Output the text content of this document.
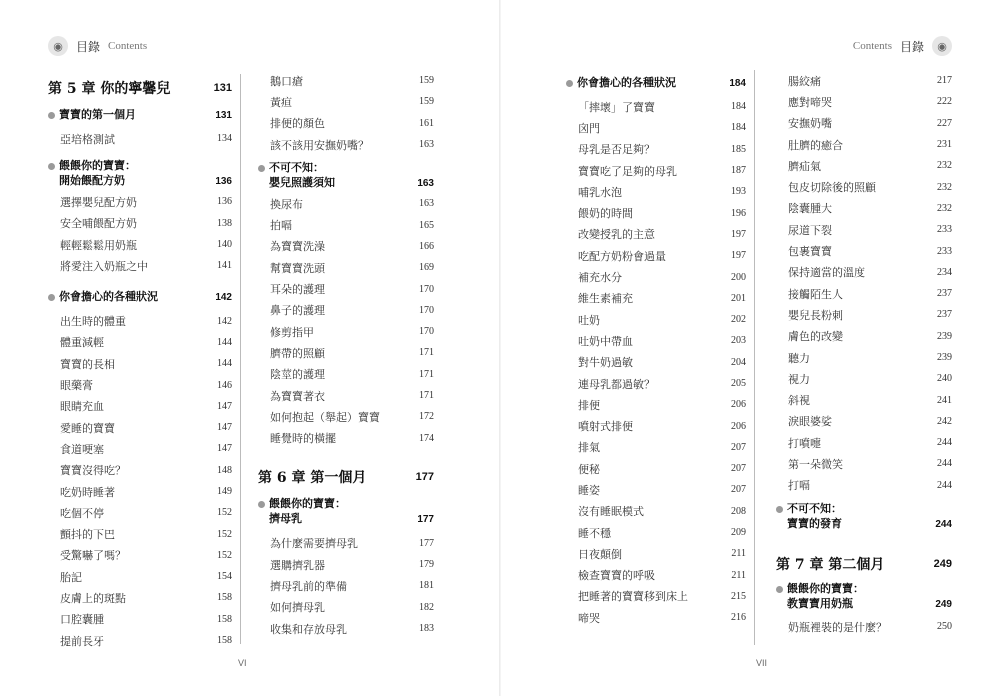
◉	目錄 Contents	Contents 目錄	◉
第 5 章 你的寧馨兒	131
寶寶的第一個月	131
亞培格測試	134
餵餵你的寶寶：
開始餵配方奶	136
選擇嬰兒配方奶	136
安全哺餵配方奶	138
輕輕鬆鬆用奶瓶	140
將愛注入奶瓶之中	141
你會擔心的各種狀況	142
出生時的體重	142
體重減輕	144
寶寶的長相	144
眼藥膏	146
眼睛充血	147
愛睡的寶寶	147
食道哽塞	147
寶寶沒得吃？	148
吃奶時睡著	149
吃個不停	152
顫抖的下巴	152
受驚嚇了嗎？	152
胎記	154
皮膚上的斑點	158
口腔囊腫	158
提前長牙	158
鵝口瘡	159
黃疸	159
排便的顏色	161
該不該用安撫奶嘴？	163
不可不知：
嬰兒照護須知	163
換尿布	163
拍嗝	165
為寶寶洗澡	166
幫寶寶洗頭	169
耳朵的護理	170
鼻子的護理	170
修剪指甲	170
臍帶的照顧	171
陰莖的護理	171
為寶寶著衣	171
如何抱起（舉起）寶寶	172
睡覺時的橫擺	174
第 6 章 第一個月	177
餵餵你的寶寶：
擠母乳	177
為什麼需要擠母乳	177
選購擠乳器	179
擠母乳前的準備	181
如何擠母乳	182
收集和存放母乳	183
你會擔心的各種狀況	184
「摔壞」了寶寶	184
囟門	184
母乳是否足夠？	185
寶寶吃了足夠的母乳	187
哺乳水泡	193
餵奶的時間	196
改變授乳的主意	197
吃配方奶粉會過量	197
補充水分	200
維生素補充	201
吐奶	202
吐奶中帶血	203
對牛奶過敏	204
連母乳都過敏？	205
排便	206
噴射式排便	206
排氣	207
便秘	207
睡姿	207
沒有睡眠模式	208
睡不穩	209
日夜顛倒	211
檢查寶寶的呼吸	211
把睡著的寶寶移到床上	215
啼哭	216
腸絞痛	217
應對啼哭	222
安撫奶嘴	227
肚臍的癒合	231
臍疝氣	232
包皮切除後的照顧	232
陰囊腫大	232
尿道下裂	233
包裹寶寶	233
保持適當的溫度	234
接觸陌生人	237
嬰兒長粉刺	237
膚色的改變	239
聽力	239
視力	240
斜視	241
淚眼婆娑	242
打噴嚏	244
第一朵微笑	244
打嗝	244
不可不知：
寶寶的發育	244
第 7 章 第二個月	249
餵餵你的寶寶：
教寶寶用奶瓶	249
奶瓶裡裝的是什麼？	250
VI	VII
